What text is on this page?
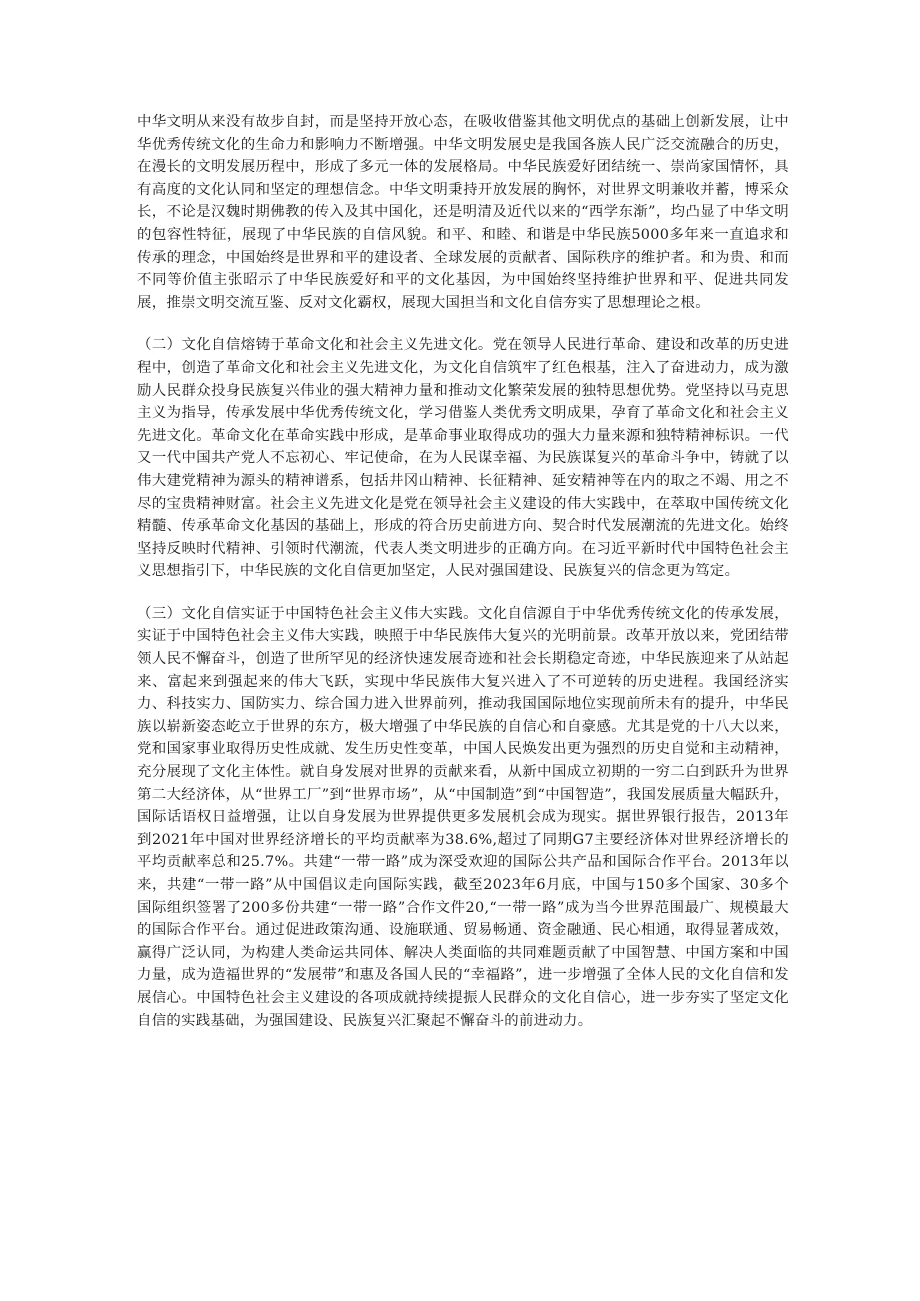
中华文明从来没有故步自封，而是坚持开放心态，在吸收借鉴其他文明优点的基础上创新发展，让中华优秀传统文化的生命力和影响力不断增强。中华文明发展史是我国各族人民广泛交流融合的历史，在漫长的文明发展历程中，形成了多元一体的发展格局。中华民族爱好团结统一、崇尚家国情怀，具有高度的文化认同和坚定的理想信念。中华文明秉持开放发展的胸怀，对世界文明兼收并蓄，博采众长，不论是汉魏时期佛教的传入及其中国化，还是明清及近代以来的“西学东渐”，均凸显了中华文明的包容性特征，展现了中华民族的自信风貌。和平、和睦、和谐是中华民族5000多年来一直追求和传承的理念，中国始终是世界和平的建设者、全球发展的贡献者、国际秩序的维护者。和为贵、和而不同等价值主张昭示了中华民族爱好和平的文化基因，为中国始终坚持维护世界和平、促进共同发展，推崇文明交流互鉴、反对文化霸权，展现大国担当和文化自信夯实了思想理论之根。

（二）文化自信熔铸于革命文化和社会主义先进文化。党在领导人民进行革命、建设和改革的历史进程中，创造了革命文化和社会主义先进文化，为文化自信筑牢了红色根基，注入了奋进动力，成为激励人民群众投身民族复兴伟业的强大精神力量和推动文化繁荣发展的独特思想优势。党坚持以马克思主义为指导，传承发展中华优秀传统文化，学习借鉴人类优秀文明成果，孕育了革命文化和社会主义先进文化。革命文化在革命实践中形成，是革命事业取得成功的强大力量来源和独特精神标识。一代又一代中国共产党人不忘初心、牢记使命，在为人民谋幸福、为民族谋复兴的革命斗争中，铸就了以伟大建党精神为源头的精神谱系，包括井冈山精神、长征精神、延安精神等在内的取之不竭、用之不尽的宝贵精神财富。社会主义先进文化是党在领导社会主义建设的伟大实践中，在萃取中国传统文化精髓、传承革命文化基因的基础上，形成的符合历史前进方向、契合时代发展潮流的先进文化。始终坚持反映时代精神、引领时代潮流，代表人类文明进步的正确方向。在习近平新时代中国特色社会主义思想指引下，中华民族的文化自信更加坚定，人民对强国建设、民族复兴的信念更为笃定。

（三）文化自信实证于中国特色社会主义伟大实践。文化自信源自于中华优秀传统文化的传承发展，实证于中国特色社会主义伟大实践，映照于中华民族伟大复兴的光明前景。改革开放以来，党团结带领人民不懈奋斗，创造了世所罕见的经济快速发展奇迹和社会长期稳定奇迹，中华民族迎来了从站起来、富起来到强起来的伟大飞跃，实现中华民族伟大复兴进入了不可逆转的历史进程。我国经济实力、科技实力、国防实力、综合国力进入世界前列，推动我国国际地位实现前所未有的提升，中华民族以崭新姿态屹立于世界的东方，极大增强了中华民族的自信心和自豪感。尤其是党的十八大以来，党和国家事业取得历史性成就、发生历史性变革，中国人民焕发出更为强烈的历史自觉和主动精神，充分展现了文化主体性。就自身发展对世界的贡献来看，从新中国成立初期的一穷二白到跃升为世界第二大经济体，从“世界工厂”到“世界市场”，从“中国制造”到“中国智造”，我国发展质量大幅跃升，国际话语权日益增强，让以自身发展为世界提供更多发展机会成为现实。据世界银行报告，2013年到2021年中国对世界经济增长的平均贡献率为38.6%,超过了同期G7主要经济体对世界经济增长的平均贡献率总和25.7%。共建“一带一路”成为深受欢迎的国际公共产品和国际合作平台。2013年以来，共建“一带一路”从中国倡议走向国际实践，截至2023年6月底，中国与150多个国家、30多个国际组织签署了200多份共建“一带一路”合作文件20,“一带一路”成为当今世界范围最广、规模最大的国际合作平台。通过促进政策沟通、设施联通、贸易畅通、资金融通、民心相通，取得显著成效，赢得广泛认同，为构建人类命运共同体、解决人类面临的共同难题贡献了中国智慧、中国方案和中国力量，成为造福世界的“发展带”和惠及各国人民的“幸福路”，进一步增强了全体人民的文化自信和发展信心。中国特色社会主义建设的各项成就持续提振人民群众的文化自信心，进一步夯实了坚定文化自信的实践基础，为强国建设、民族复兴汇聚起不懈奋斗的前进动力。
